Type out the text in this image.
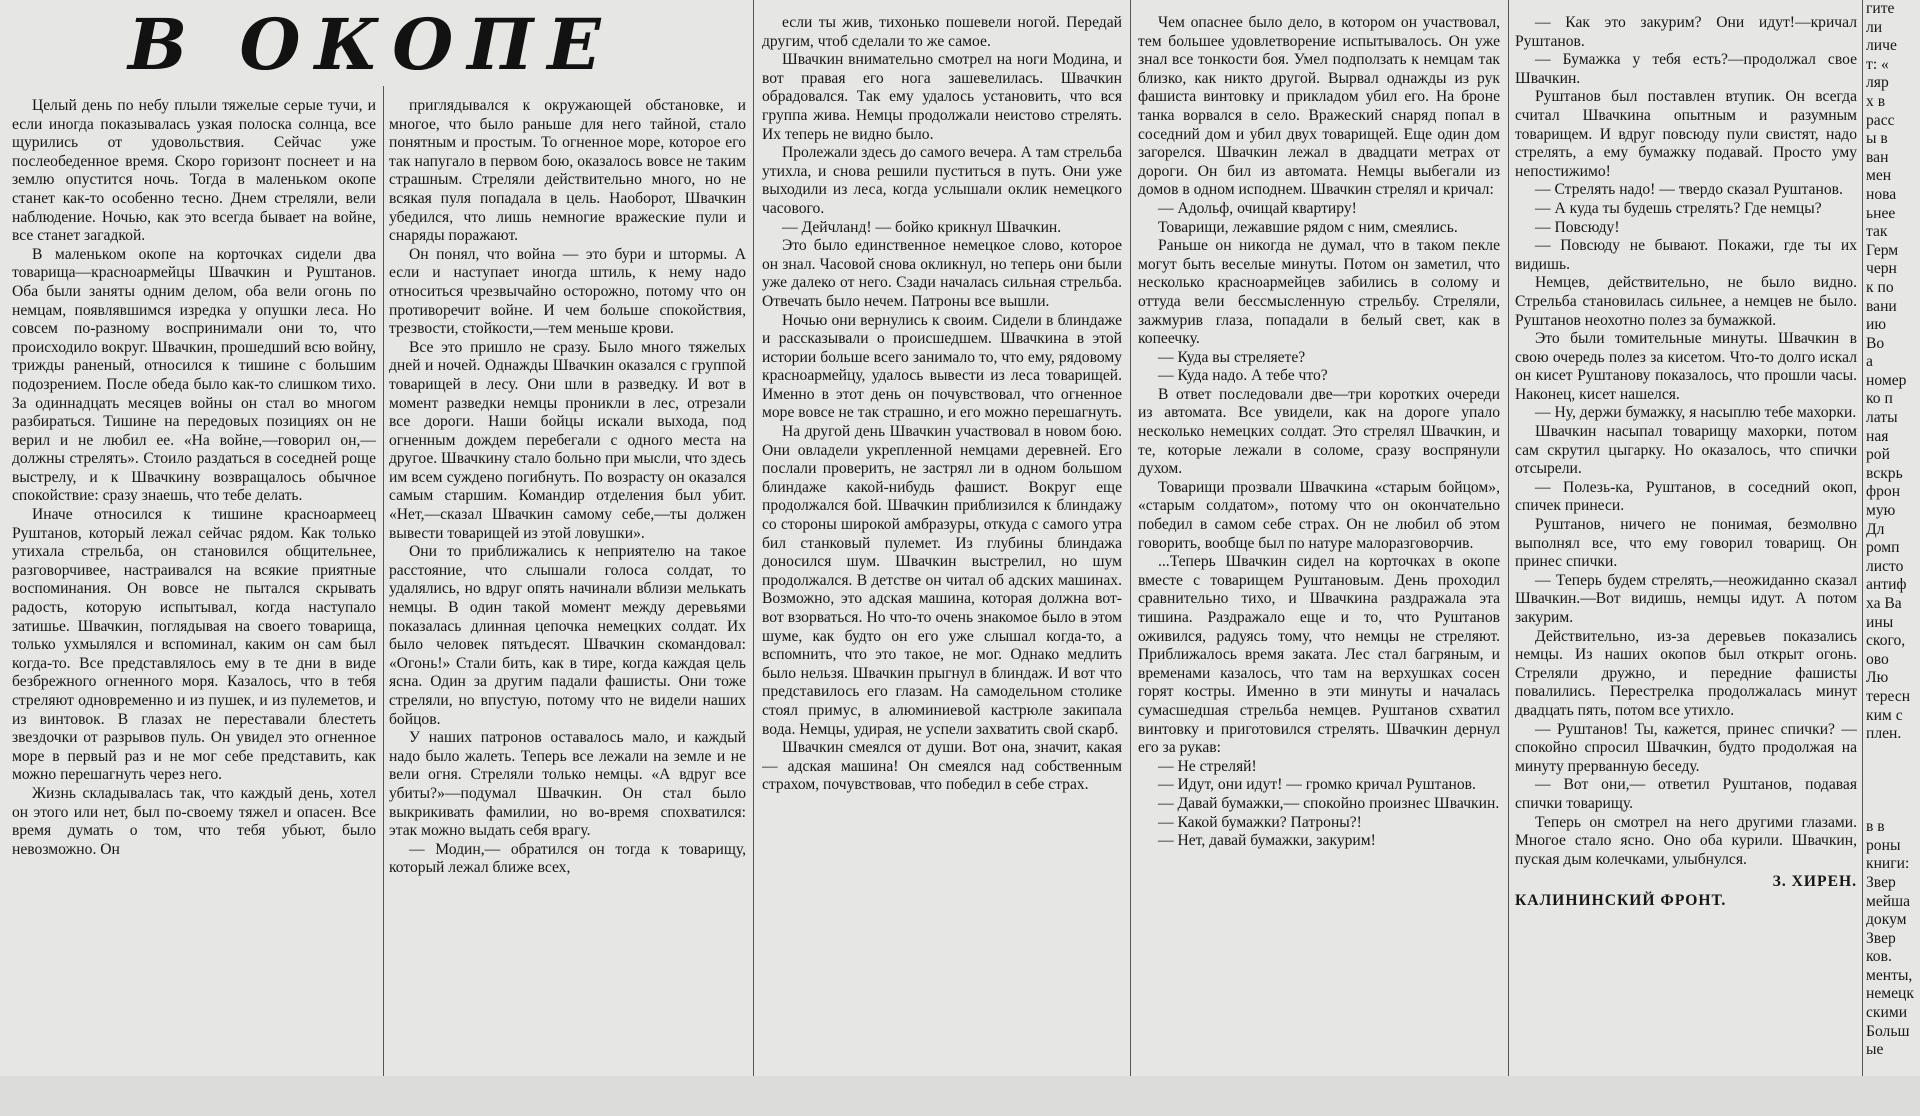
В ОКОПЕ

Целый день по небу плыли тяжелые серые тучи, и если иногда показывалась узкая полоска солнца, все щурились от удовольствия. Сейчас уже послеобеденное время. Скоро горизонт поснеет и на землю опустится ночь. Тогда в маленьком окопе станет как-то особенно тесно. Днем стреляли, вели наблюдение. Ночью, как это всегда бывает на войне, все станет загадкой.

В маленьком окопе на корточках сидели два товарища—красноармейцы Швачкин и Руштанов. Оба были заняты одним делом, оба вели огонь по немцам, появлявшимся изредка у опушки леса. Но совсем по-разному воспринимали они то, что происходило вокруг. Швачкин, прошедший всю войну, трижды раненый, относился к тишине с большим подозрением. После обеда было как-то слишком тихо. За одиннадцать месяцев войны он стал во многом разбираться. Тишине на передовых позициях он не верил и не любил ее. «На войне,—говорил он,—должны стрелять». Стоило раздаться в соседней роще выстрелу, и к Швачкину возвращалось обычное спокойствие: сразу знаешь, что тебе делать.

Иначе относился к тишине красноармеец Руштанов, который лежал сейчас рядом. Как только утихала стрельба, он становился общительнее, разговорчивее, настраивался на всякие приятные воспоминания. Он вовсе не пытался скрывать радость, которую испытывал, когда наступало затишье. Швачкин, поглядывая на своего товарища, только ухмылялся и вспоминал, каким он сам был когда-то. Все представлялось ему в те дни в виде безбрежного огненного моря. Казалось, что в тебя стреляют одновременно и из пушек, и из пулеметов, и из винтовок. В глазах не переставали блестеть звездочки от разрывов пуль. Он увидел это огненное море в первый раз и не мог себе представить, как можно перешагнуть через него.

Жизнь складывалась так, что каждый день, хотел он этого или нет, был по-своему тяжел и опасен. Все время думать о том, что тебя убьют, было невозможно. Он

приглядывался к окружающей обстановке, и многое, что было раньше для него тайной, стало понятным и простым. То огненное море, которое его так напугало в первом бою, оказалось вовсе не таким страшным. Стреляли действительно много, но не всякая пуля попадала в цель. Наоборот, Швачкин убедился, что лишь немногие вражеские пули и снаряды поражают.

Он понял, что война — это бури и штормы. А если и наступает иногда штиль, к нему надо относиться чрезвычайно осторожно, потому что он противоречит войне. И чем больше спокойствия, трезвости, стойкости,—тем меньше крови.

Все это пришло не сразу. Было много тяжелых дней и ночей. Однажды Швачкин оказался с группой товарищей в лесу. Они шли в разведку. И вот в момент разведки немцы проникли в лес, отрезали все дороги. Наши бойцы искали выхода, под огненным дождем перебегали с одного места на другое. Швачкину стало больно при мысли, что здесь им всем суждено погибнуть. По возрасту он оказался самым старшим. Командир отделения был убит. «Нет,—сказал Швачкин самому себе,—ты должен вывести товарищей из этой ловушки».

Они то приближались к неприятелю на такое расстояние, что слышали голоса солдат, то удалялись, но вдруг опять начинали вблизи мелькать немцы. В один такой момент между деревьями показалась длинная цепочка немецких солдат. Их было человек пятьдесят. Швачкин скомандовал: «Огонь!» Стали бить, как в тире, когда каждая цель ясна. Один за другим падали фашисты. Они тоже стреляли, но впустую, потому что не видели наших бойцов.

У наших патронов оставалось мало, и каждый надо было жалеть. Теперь все лежали на земле и не вели огня. Стреляли только немцы. «А вдруг все убиты?»—подумал Швачкин. Он стал было выкрикивать фамилии, но во-время спохватился: этак можно выдать себя врагу.

— Модин,— обратился он тогда к товарищу, который лежал ближе всех,

если ты жив, тихонько пошевели ногой. Передай другим, чтоб сделали то же самое.

Швачкин внимательно смотрел на ноги Модина, и вот правая его нога зашевелилась. Швачкин обрадовался. Так ему удалось установить, что вся группа жива. Немцы продолжали неистово стрелять. Их теперь не видно было.

Пролежали здесь до самого вечера. А там стрельба утихла, и снова решили пуститься в путь. Они уже выходили из леса, когда услышали оклик немецкого часового.

— Дейчланд! — бойко крикнул Швачкин.

Это было единственное немецкое слово, которое он знал. Часовой снова окликнул, но теперь они были уже далеко от него. Сзади началась сильная стрельба. Отвечать было нечем. Патроны все вышли.

Ночью они вернулись к своим. Сидели в блиндаже и рассказывали о происшедшем. Швачкина в этой истории больше всего занимало то, что ему, рядовому красноармейцу, удалось вывести из леса товарищей. Именно в этот день он почувствовал, что огненное море вовсе не так страшно, и его можно перешагнуть.

На другой день Швачкин участвовал в новом бою. Они овладели укрепленной немцами деревней. Его послали проверить, не застрял ли в одном большом блиндаже какой-нибудь фашист. Вокруг еще продолжался бой. Швачкин приблизился к блиндажу со стороны широкой амбразуры, откуда с самого утра бил станковый пулемет. Из глубины блиндажа доносился шум. Швачкин выстрелил, но шум продолжался. В детстве он читал об адских машинах. Возможно, это адская машина, которая должна вот-вот взорваться. Но что-то очень знакомое было в этом шуме, как будто он его уже слышал когда-то, а вспомнить, что это такое, не мог. Однако медлить было нельзя. Швачкин прыгнул в блиндаж. И вот что представилось его глазам. На самодельном столике стоял примус, в алюминиевой кастрюле закипала вода. Немцы, удирая, не успели захватить свой скарб.

Швачкин смеялся от души. Вот она, значит, какая — адская машина! Он смеялся над собственным страхом, почувствовав, что победил в себе страх.

Чем опаснее было дело, в котором он участвовал, тем большее удовлетворение испытывалось. Он уже знал все тонкости боя. Умел подползать к немцам так близко, как никто другой. Вырвал однажды из рук фашиста винтовку и прикладом убил его. На броне танка ворвался в село. Вражеский снаряд попал в соседний дом и убил двух товарищей. Еще один дом загорелся. Швачкин лежал в двадцати метрах от дороги. Он бил из автомата. Немцы выбегали из домов в одном исподнем. Швачкин стрелял и кричал:

— Адольф, очищай квартиру!

Товарищи, лежавшие рядом с ним, смеялись.

Раньше он никогда не думал, что в таком пекле могут быть веселые минуты. Потом он заметил, что несколько красноармейцев забились в солому и оттуда вели бессмысленную стрельбу. Стреляли, зажмурив глаза, попадали в белый свет, как в копеечку.

— Куда вы стреляете?

— Куда надо. А тебе что?

В ответ последовали две—три коротких очереди из автомата. Все увидели, как на дороге упало несколько немецких солдат. Это стрелял Швачкин, и те, которые лежали в соломе, сразу воспрянули духом.

Товарищи прозвали Швачкина «старым бойцом», «старым солдатом», потому что он окончательно победил в самом себе страх. Он не любил об этом говорить, вообще был по натуре малоразговорчив.

...Теперь Швачкин сидел на корточках в окопе вместе с товарищем Руштановым. День проходил сравнительно тихо, и Швачкина раздражала эта тишина. Раздражало еще и то, что Руштанов оживился, радуясь тому, что немцы не стреляют. Приближалось время заката. Лес стал багряным, и временами казалось, что там на верхушках сосен горят костры. Именно в эти минуты и началась сумасшедшая стрельба немцев. Руштанов схватил винтовку и приготовился стрелять. Швачкин дернул его за рукав:

— Не стреляй!

— Идут, они идут! — громко кричал Руштанов.

— Давай бумажки,— спокойно произнес Швачкин.

— Какой бумажки? Патроны?!

— Нет, давай бумажки, закурим!

— Как это закурим? Они идут!—кричал Руштанов.

— Бумажка у тебя есть?—продолжал свое Швачкин.

Руштанов был поставлен втупик. Он всегда считал Швачкина опытным и разумным товарищем. И вдруг повсюду пули свистят, надо стрелять, а ему бумажку подавай. Просто уму непостижимо!

— Стрелять надо! — твердо сказал Руштанов.

— А куда ты будешь стрелять? Где немцы?

— Повсюду!

— Повсюду не бывают. Покажи, где ты их видишь.

Немцев, действительно, не было видно. Стрельба становилась сильнее, а немцев не было. Руштанов неохотно полез за бумажкой.

Это были томительные минуты. Швачкин в свою очередь полез за кисетом. Что-то долго искал он кисет Руштанову показалось, что прошли часы. Наконец, кисет нашелся.

— Ну, держи бумажку, я насыплю тебе махорки.

Швачкин насыпал товарищу махорки, потом сам скрутил цыгарку. Но оказалось, что спички отсырели.

— Полезь-ка, Руштанов, в соседний окоп, спичек принеси.

Руштанов, ничего не понимая, безмолвно выполнял все, что ему говорил товарищ. Он принес спички.

— Теперь будем стрелять,—неожиданно сказал Швачкин.—Вот видишь, немцы идут. А потом закурим.

Действительно, из-за деревьев показались немцы. Из наших окопов был открыт огонь. Стреляли дружно, и передние фашисты повалились. Перестрелка продолжалась минут двадцать пять, потом все утихло.

— Руштанов! Ты, кажется, принес спички? — спокойно спросил Швачкин, будто продолжая на минуту прерванную беседу.

— Вот они,— ответил Руштанов, подавая спички товарищу.

Теперь он смотрел на него другими глазами. Многое стало ясно. Оно оба курили. Швачкин, пуская дым колечками, улыбнулся.

З. ХИРЕН.

КАЛИНИНСКИЙ ФРОНТ.

гите
ли
личе
т: «
ляр
x в
расс
ы в
ван
мен
нова
ьнее
так
Герм
черн
к по
вани
ию
Во
а
номер
ко п
латы
ная
рой
вскрь
фрон
мую
Дл
ромп
листо
антиф
ха Ba
ины
ского,
ово
Лю
тересн
ким с
плен.
в в
роны
книги:
Звер
мейша
докум
Звер
ков.
менты,
немецк
скими
Больш
ые
